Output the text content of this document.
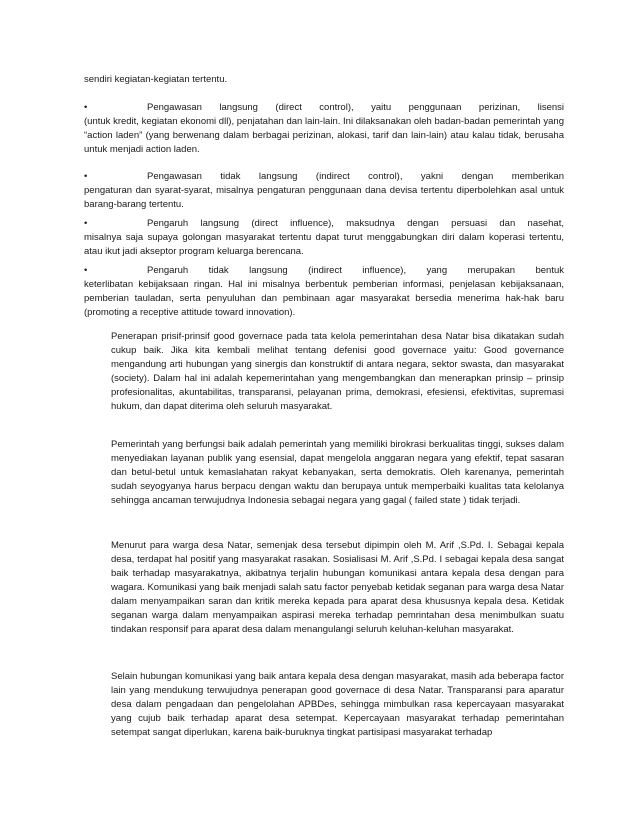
sendiri kegiatan-kegiatan tertentu.

•	Pengawasan langsung (direct control), yaitu penggunaan perizinan, lisensi
(untuk kredit, kegiatan ekonomi dll), penjatahan dan lain-lain. Ini dilaksanakan oleh badan-badan pemerintah yang “action laden” (yang berwenang dalam berbagai perizinan, alokasi, tarif dan lain-lain) atau kalau tidak, berusaha untuk menjadi action laden.
•	Pengawasan tidak langsung (indirect control), yakni dengan memberikan
pengaturan dan syarat-syarat, misalnya pengaturan penggunaan dana devisa tertentu diperbolehkan asal untuk barang-barang tertentu.
•	Pengaruh langsung (direct influence), maksudnya dengan persuasi dan nasehat,
misalnya saja supaya golongan masyarakat tertentu dapat turut menggabungkan diri dalam koperasi tertentu, atau ikut jadi akseptor program keluarga berencana.
•	Pengaruh tidak langsung (indirect influence), yang merupakan bentuk
keterlibatan kebijaksaan ringan. Hal ini misalnya berbentuk pemberian informasi, penjelasan kebijaksanaan, pemberian tauladan, serta penyuluhan dan pembinaan agar masyarakat bersedia menerima hak-hak baru (promoting a receptive attitude toward innovation).

Penerapan prisif-prinsif good governace pada tata kelola pemerintahan desa Natar bisa dikatakan sudah cukup baik. Jika kita kembali melihat tentang defenisi good governace yaitu: Good governance mengandung arti hubungan yang sinergis dan konstruktif di antara negara, sektor swasta, dan masyarakat (society). Dalam hal ini adalah kepemerintahan yang mengembangkan dan menerapkan prinsip – prinsip profesionalitas, akuntabilitas, transparansi, pelayanan prima, demokrasi, efesiensi, efektivitas, supremasi hukum, dan dapat diterima oleh seluruh masyarakat.

Pemerintah yang berfungsi baik adalah pemerintah yang memiliki birokrasi berkualitas tinggi, sukses dalam menyediakan layanan publik yang esensial, dapat mengelola anggaran negara yang efektif, tepat sasaran dan betul-betul untuk kemaslahatan rakyat kebanyakan, serta demokratis. Oleh karenanya, pemerintah sudah seyogyanya harus berpacu dengan waktu dan berupaya untuk memperbaiki kualitas tata kelolanya sehingga ancaman terwujudnya Indonesia sebagai negara yang gagal ( failed state ) tidak terjadi.

Menurut para warga desa Natar, semenjak desa tersebut dipimpin oleh M. Arif ,S.Pd. I. Sebagai kepala desa, terdapat hal positif yang masyarakat rasakan. Sosialisasi M. Arif ,S.Pd. I sebagai kepala desa sangat baik terhadap masyarakatnya, akibatnya terjalin hubungan komunikasi antara kepala desa dengan para wagara. Komunikasi yang baik menjadi salah satu factor penyebab ketidak seganan para warga desa Natar dalam menyampaikan saran dan kritik mereka kepada para aparat desa khususnya kepala desa. Ketidak seganan warga dalam menyampaikan aspirasi mereka terhadap pemrintahan desa menimbulkan suatu tindakan responsif para aparat desa dalam menangulangi seluruh keluhan-keluhan masyarakat.

Selain hubungan komunikasi yang baik antara kepala desa dengan masyarakat, masih ada beberapa factor lain yang mendukung terwujudnya penerapan good governace di desa Natar. Transparansi para aparatur desa dalam pengadaan dan pengelolahan APBDes, sehingga mimbulkan rasa kepercayaan masyarakat yang cujub baik terhadap aparat desa setempat. Kepercayaan masyarakat terhadap pemerintahan setempat sangat diperlukan, karena baik-buruknya tingkat partisipasi masyarakat terhadap
